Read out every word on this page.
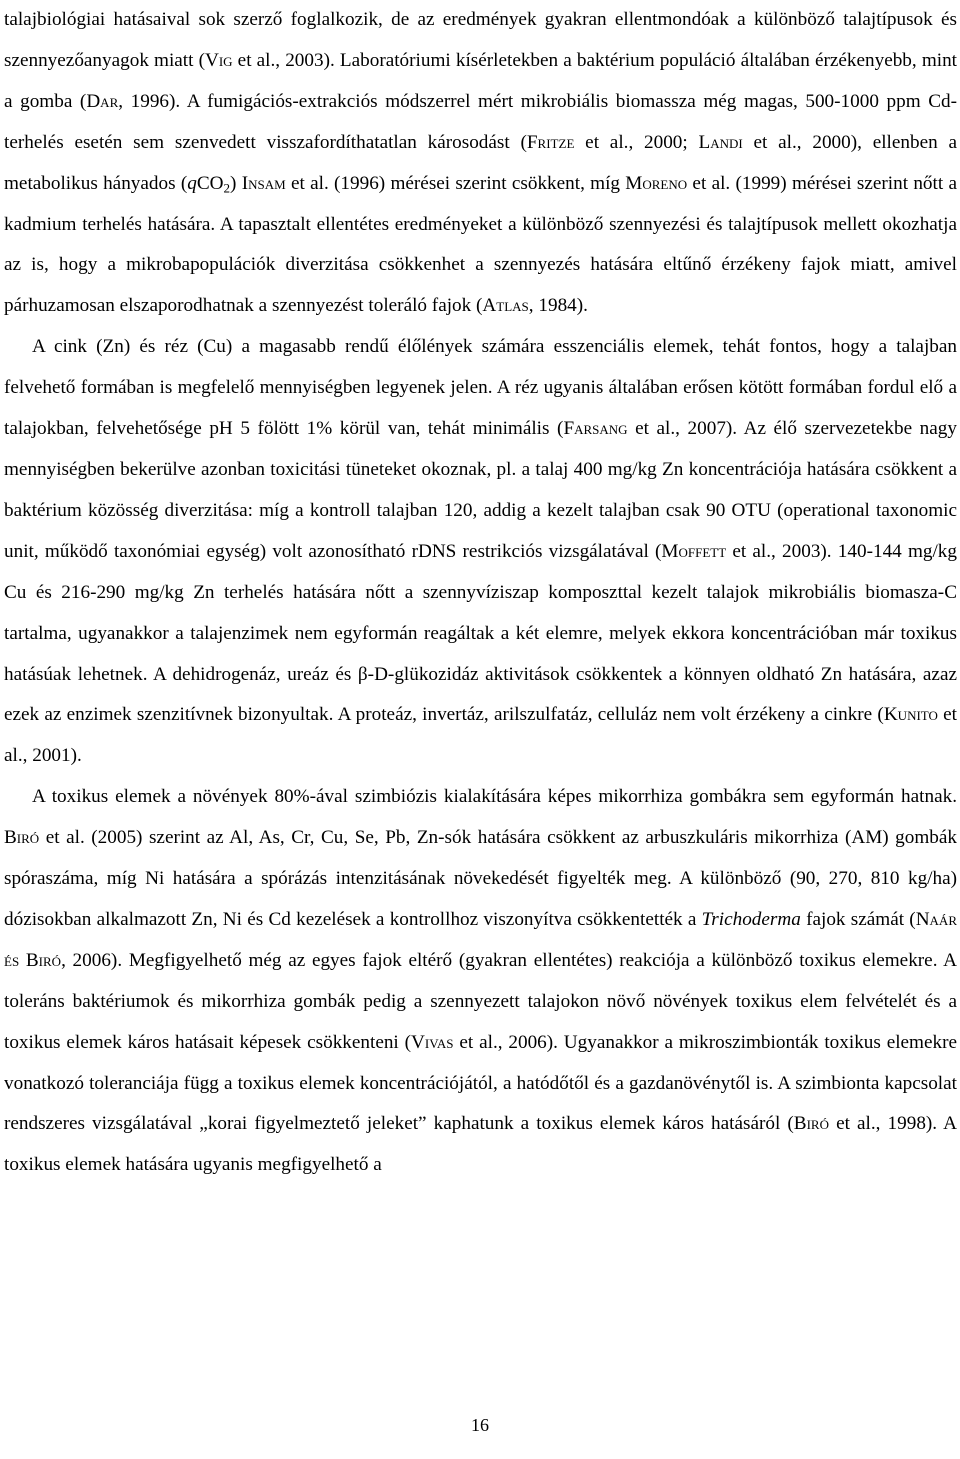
talajbiológiai hatásaival sok szerző foglalkozik, de az eredmények gyakran ellentmondóak a különböző talajtípusok és szennyezőanyagok miatt (Vig et al., 2003). Laboratóriumi kísérletekben a baktérium populáció általában érzékenyebb, mint a gomba (Dar, 1996). A fumigációs-extrakciós módszerrel mért mikrobiális biomassza még magas, 500-1000 ppm Cd-terhelés esetén sem szenvedett visszafordíthatatlan károsodást (Fritze et al., 2000; Landi et al., 2000), ellenben a metabolikus hányados (qCO$_2$) Insam et al. (1996) mérései szerint csökkent, míg Moreno et al. (1999) mérései szerint nőtt a kadmium terhelés hatására. A tapasztalt ellentétes eredményeket a különböző szennyezési és talajtípusok mellett okozhatja az is, hogy a mikrobapopulációk diverzitása csökkenhet a szennyezés hatására eltűnő érzékeny fajok miatt, amivel párhuzamosan elszaporodhatnak a szennyezést toleráló fajok (Atlas, 1984).

A cink (Zn) és réz (Cu) a magasabb rendű élőlények számára esszenciális elemek, tehát fontos, hogy a talajban felvehető formában is megfelelő mennyiségben legyenek jelen. A réz ugyanis általában erősen kötött formában fordul elő a talajokban, felvehetősége pH 5 fölött 1% körül van, tehát minimális (Farsang et al., 2007). Az élő szervezetekbe nagy mennyiségben bekerülve azonban toxicitási tüneteket okoznak, pl. a talaj 400 mg/kg Zn koncentrációja hatására csökkent a baktérium közösség diverzitása: míg a kontroll talajban 120, addig a kezelt talajban csak 90 OTU (operational taxonomic unit, működő taxonómiai egység) volt azonosítható rDNS restrikciós vizsgálatával (Moffett et al., 2003). 140-144 mg/kg Cu és 216-290 mg/kg Zn terhelés hatására nőtt a szennyvíziszap komposzttal kezelt talajok mikrobiális biomasza-C tartalma, ugyanakkor a talajenzimek nem egyformán reagáltak a két elemre, melyek ekkora koncentrációban már toxikus hatásúak lehetnek. A dehidrogenáz, ureáz és β-D-glükozidáz aktivitások csökkentek a könnyen oldható Zn hatására, azaz ezek az enzimek szenzitívnek bizonyultak. A proteáz, invertáz, arilszulfatáz, celluláz nem volt érzékeny a cinkre (Kunito et al., 2001).

A toxikus elemek a növények 80%-ával szimbiózis kialakítására képes mikorrhiza gombákra sem egyformán hatnak. Biró et al. (2005) szerint az Al, As, Cr, Cu, Se, Pb, Zn-sók hatására csökkent az arbuszkuláris mikorrhiza (AM) gombák spóraszáma, míg Ni hatására a spórázás intenzitásának növekedését figyelték meg. A különböző (90, 270, 810 kg/ha) dózisokban alkalmazott Zn, Ni és Cd kezelések a kontrollhoz viszonyítva csökkentették a Trichoderma fajok számát (Naár és Biró, 2006). Megfigyelhető még az egyes fajok eltérő (gyakran ellentétes) reakciója a különböző toxikus elemekre. A toleráns baktériumok és mikorrhiza gombák pedig a szennyezett talajokon növő növények toxikus elem felvételét és a toxikus elemek káros hatásait képesek csökkenteni (Vivas et al., 2006). Ugyanakkor a mikroszimbionták toxikus elemekre vonatkozó toleranciája függ a toxikus elemek koncentrációjától, a hatódőtől és a gazdanövénytől is. A szimbionta kapcsolat rendszeres vizsgálatával „korai figyelmeztető jeleket” kaphatunk a toxikus elemek káros hatásáról (Biró et al., 1998). A toxikus elemek hatására ugyanis megfigyelhető a

16
